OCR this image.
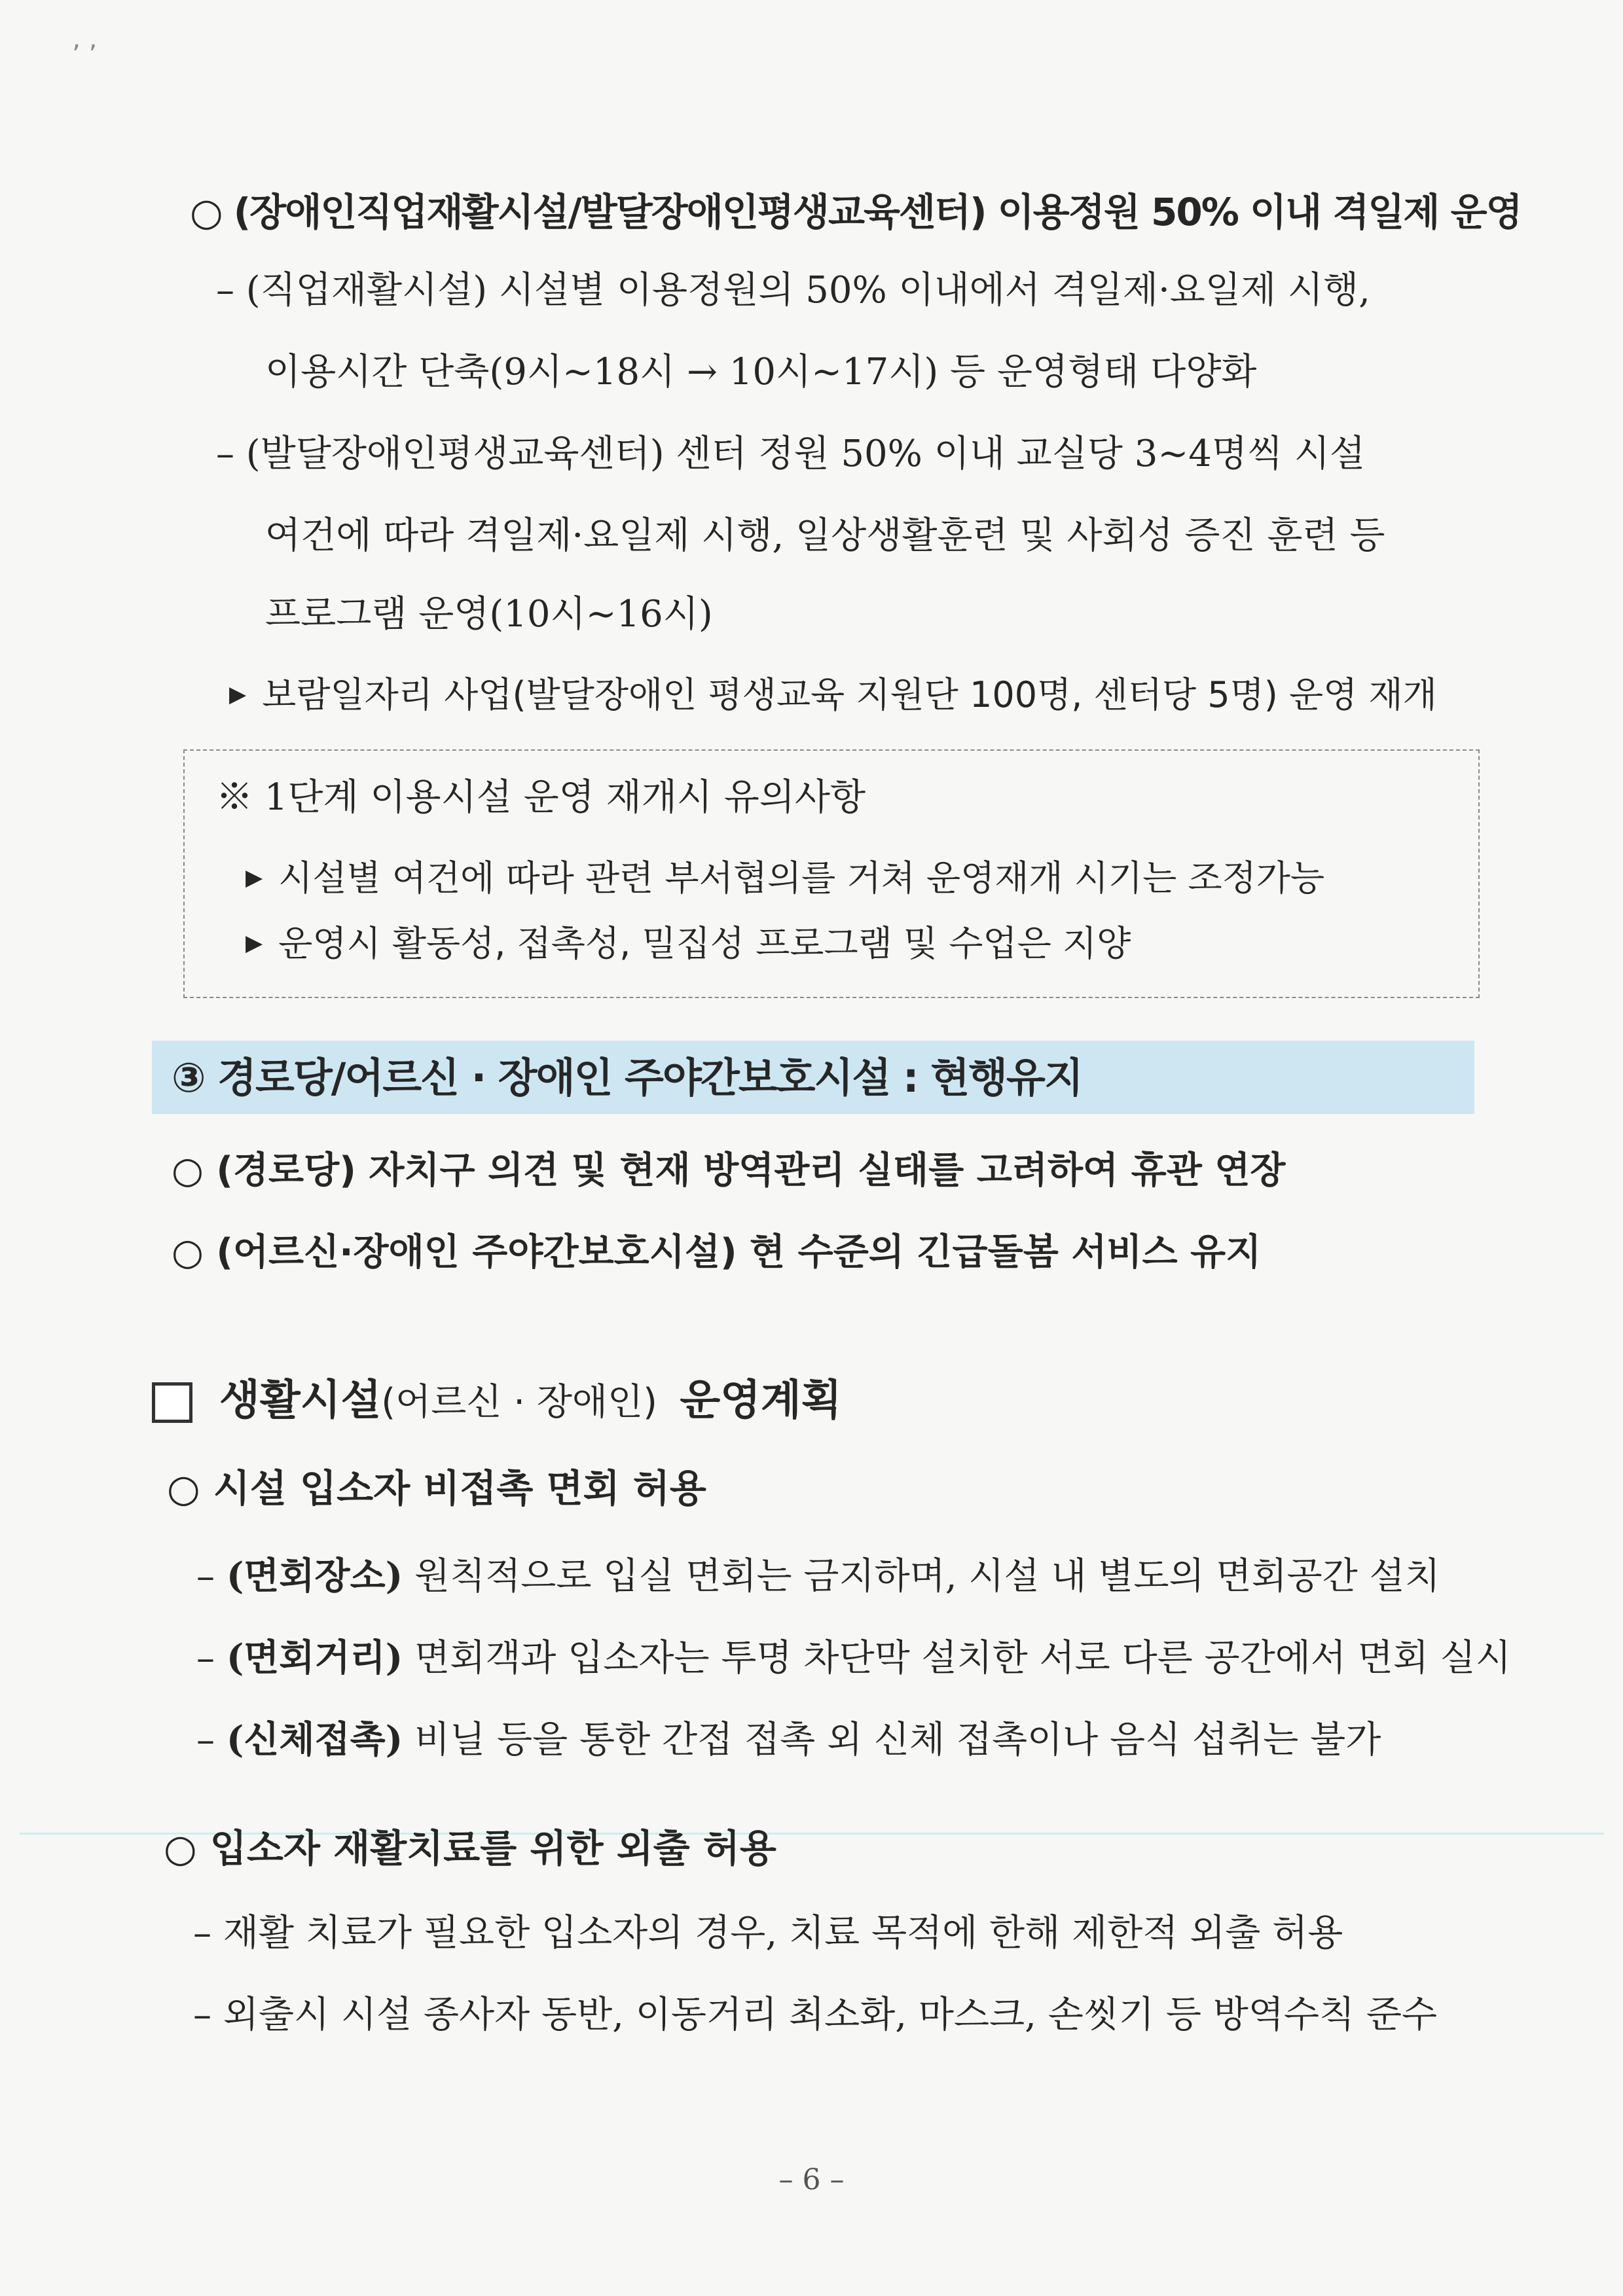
ʼ ʼ
○ (장애인직업재활시설/발달장애인평생교육센터) 이용정원 50% 이내 격일제 운영
– (직업재활시설) 시설별 이용정원의 50% 이내에서 격일제·요일제 시행,
이용시간 단축(9시~18시 → 10시~17시) 등 운영형태 다양화
– (발달장애인평생교육센터) 센터 정원 50% 이내 교실당 3~4명씩 시설
여건에 따라 격일제·요일제 시행, 일상생활훈련 및 사회성 증진 훈련 등
프로그램 운영(10시~16시)
▶ 보람일자리 사업(발달장애인 평생교육 지원단 100명, 센터당 5명) 운영 재개
※ 1단계 이용시설 운영 재개시 유의사항
▶ 시설별 여건에 따라 관련 부서협의를 거쳐 운영재개 시기는 조정가능
▶ 운영시 활동성, 접촉성, 밀집성 프로그램 및 수업은 지양
③ 경로당/어르신 · 장애인 주야간보호시설 : 현행유지
○ (경로당) 자치구 의견 및 현재 방역관리 실태를 고려하여 휴관 연장
○ (어르신·장애인 주야간보호시설) 현 수준의 긴급돌봄 서비스 유지
생활시설(어르신 · 장애인) 운영계획
○ 시설 입소자 비접촉 면회 허용
– (면회장소) 원칙적으로 입실 면회는 금지하며, 시설 내 별도의 면회공간 설치
– (면회거리) 면회객과 입소자는 투명 차단막 설치한 서로 다른 공간에서 면회 실시
– (신체접촉) 비닐 등을 통한 간접 접촉 외 신체 접촉이나 음식 섭취는 불가
○ 입소자 재활치료를 위한 외출 허용
– 재활 치료가 필요한 입소자의 경우, 치료 목적에 한해 제한적 외출 허용
– 외출시 시설 종사자 동반, 이동거리 최소화, 마스크, 손씻기 등 방역수칙 준수
– 6 –
